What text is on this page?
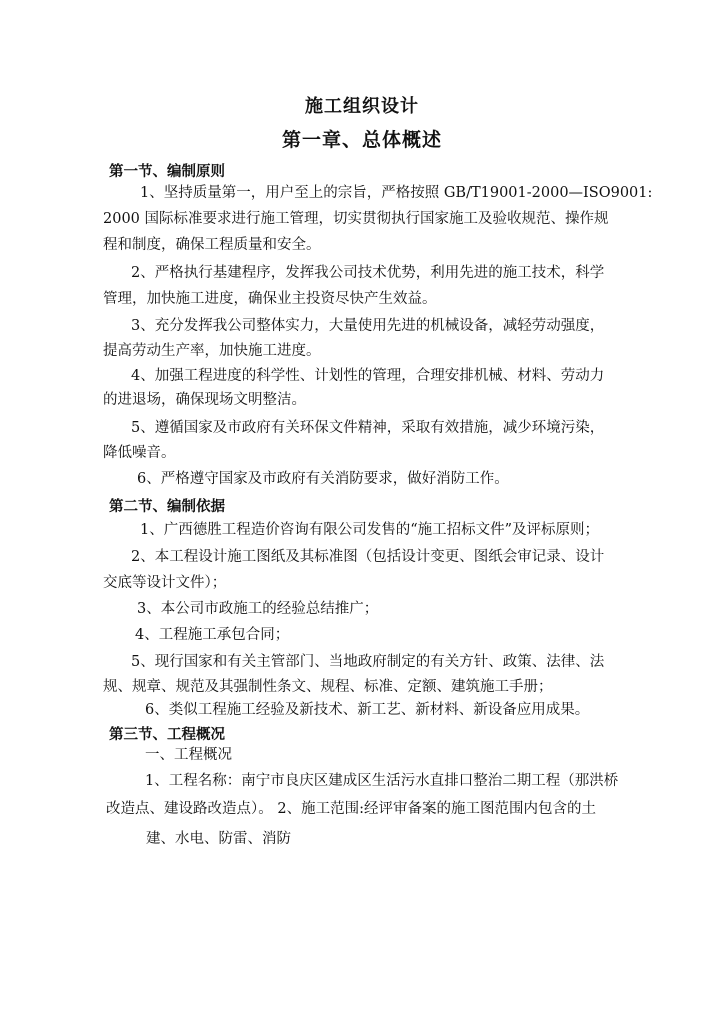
施工组织设计
第一章、总体概述
第一节、编制原则
1、坚持质量第一，用户至上的宗旨，严格按照 GB/T19001-2000—ISO9001:
2000 国际标准要求进行施工管理，切实贯彻执行国家施工及验收规范、操作规
程和制度，确保工程质量和安全。
2、严格执行基建程序，发挥我公司技术优势，利用先进的施工技术，科学
管理，加快施工进度，确保业主投资尽快产生效益。
3、充分发挥我公司整体实力，大量使用先进的机械设备，减轻劳动强度，
提高劳动生产率，加快施工进度。
4、加强工程进度的科学性、计划性的管理，合理安排机械、材料、劳动力
的进退场，确保现场文明整洁。
5、遵循国家及市政府有关环保文件精神，采取有效措施，减少环境污染，
降低噪音。
6、严格遵守国家及市政府有关消防要求，做好消防工作。
第二节、编制依据
1、广西德胜工程造价咨询有限公司发售的“施工招标文件”及评标原则；
2、本工程设计施工图纸及其标准图（包括设计变更、图纸会审记录、设计
交底等设计文件）；
3、本公司市政施工的经验总结推广；
4、工程施工承包合同；
5、现行国家和有关主管部门、当地政府制定的有关方针、政策、法律、法
规、规章、规范及其强制性条文、规程、标准、定额、建筑施工手册；
6、类似工程施工经验及新技术、新工艺、新材料、新设备应用成果。
第三节、工程概况
一、工程概况
1、工程名称：南宁市良庆区建成区生活污水直排口整治二期工程（那洪桥
改造点、建设路改造点）。 2、施工范围:经评审备案的施工图范围内包含的土
建、水电、防雷、消防
